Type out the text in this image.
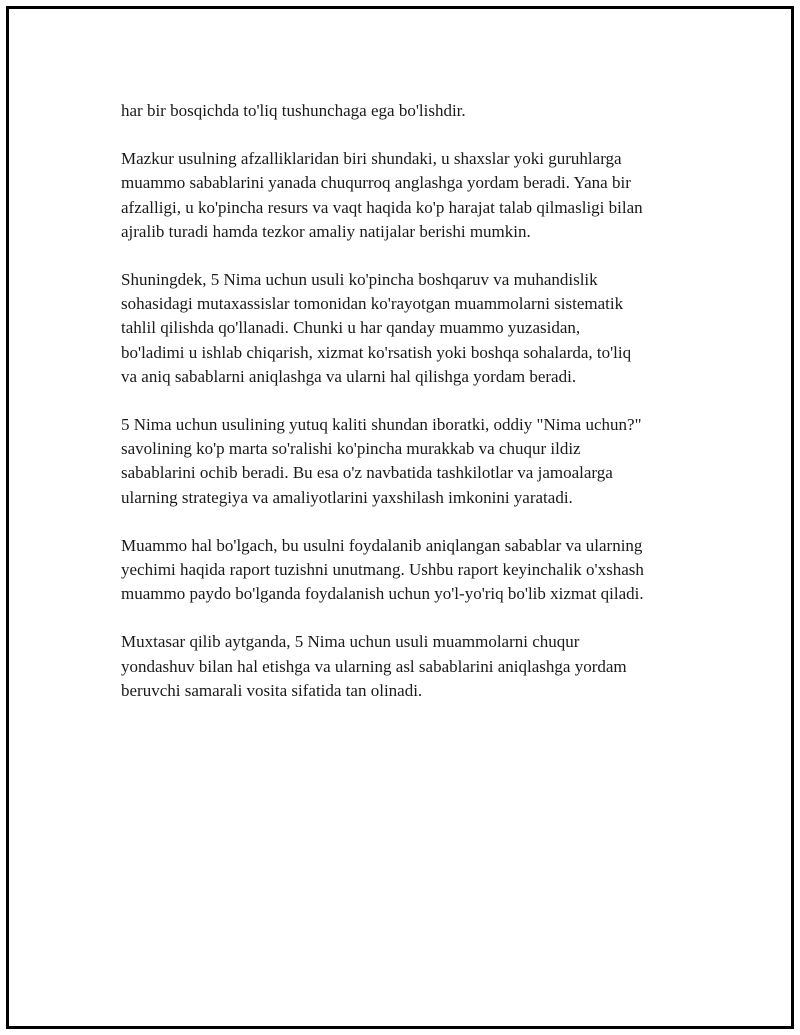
har bir bosqichda to'liq tushunchaga ega bo'lishdir.

Mazkur usulning afzalliklaridan biri shundaki, u shaxslar yoki guruhlarga
muammo sabablarini yanada chuqurroq anglashga yordam beradi. Yana bir
afzalligi, u ko'pincha resurs va vaqt haqida ko'p harajat talab qilmasligi bilan
ajralib turadi hamda tezkor amaliy natijalar berishi mumkin.

Shuningdek, 5 Nima uchun usuli ko'pincha boshqaruv va muhandislik
sohasidagi mutaxassislar tomonidan ko'rayotgan muammolarni sistematik
tahlil qilishda qo'llanadi. Chunki u har qanday muammo yuzasidan,
bo'ladimi u ishlab chiqarish, xizmat ko'rsatish yoki boshqa sohalarda, to'liq
va aniq sabablarni aniqlashga va ularni hal qilishga yordam beradi.

5 Nima uchun usulining yutuq kaliti shundan iboratki, oddiy "Nima uchun?"
savolining ko'p marta so'ralishi ko'pincha murakkab va chuqur ildiz
sabablarini ochib beradi. Bu esa o'z navbatida tashkilotlar va jamoalarga
ularning strategiya va amaliyotlarini yaxshilash imkonini yaratadi.

Muammo hal bo'lgach, bu usulni foydalanib aniqlangan sabablar va ularning
yechimi haqida raport tuzishni unutmang. Ushbu raport keyinchalik o'xshash
muammo paydo bo'lganda foydalanish uchun yo'l-yo'riq bo'lib xizmat qiladi.

Muxtasar qilib aytganda, 5 Nima uchun usuli muammolarni chuqur
yondashuv bilan hal etishga va ularning asl sabablarini aniqlashga yordam
beruvchi samarali vosita sifatida tan olinadi.
